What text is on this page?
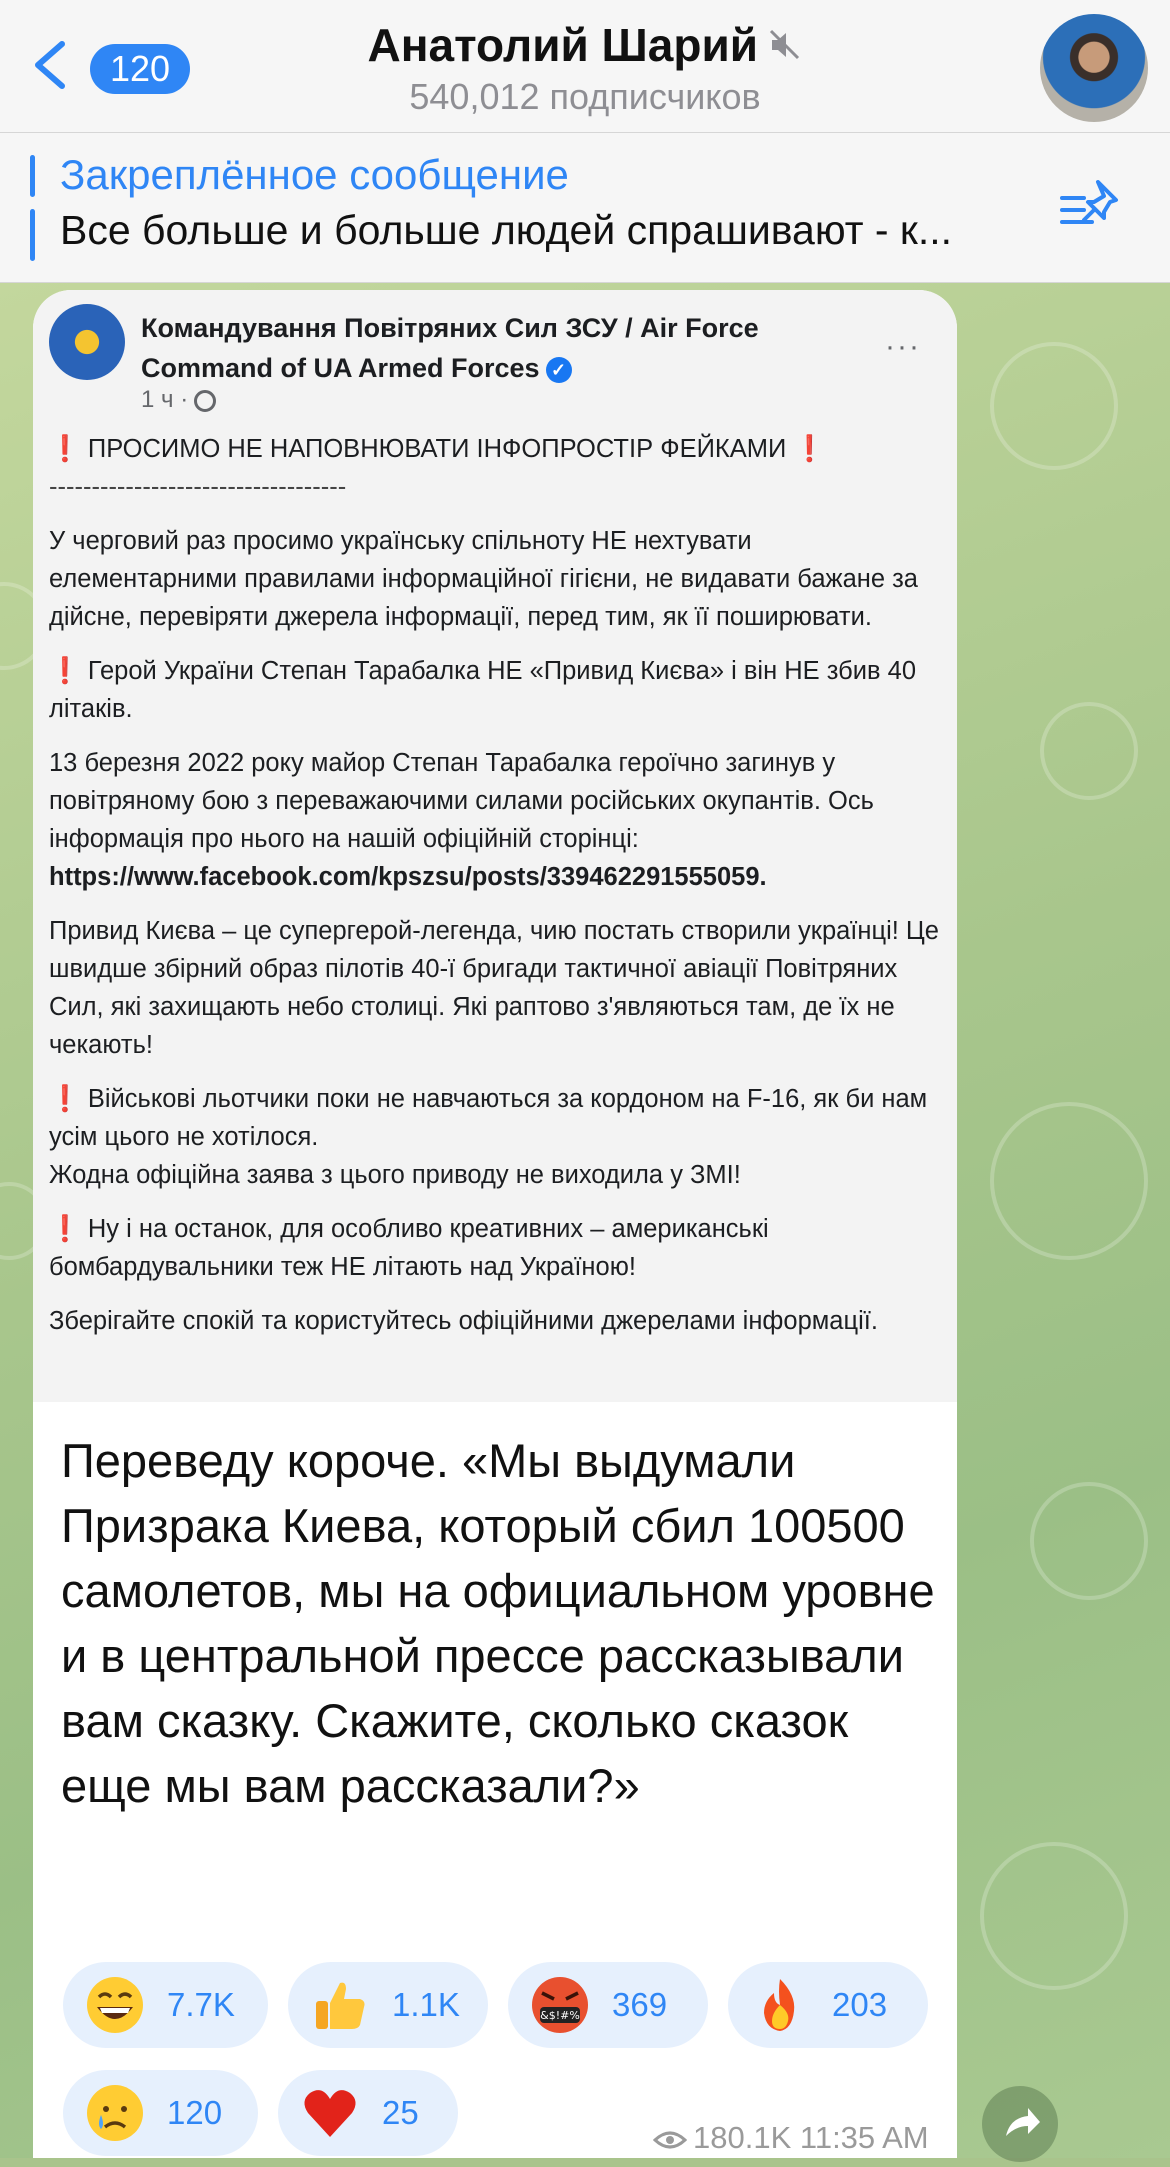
120	Анатолий Шарий
540,012 подписчиков
Закреплённое сообщение
Все больше и больше людей спрашивают - к...
Командування Повітряних Сил ЗСУ / Air Force
Command of UA Armed Forces ✓
1 ч ·
···

❗ ПРОСИМО НЕ НАПОВНЮВАТИ ІНФОПРОСТІР ФЕЙКАМИ ❗
-----------------------------------

У черговий раз просимо українську спільноту НЕ нехтувати елементарними правилами інформаційної гігієни, не видавати бажане за дійсне, перевіряти джерела інформації, перед тим, як її поширювати.

❗ Герой України Степан Тарабалка НЕ «Привид Києва» і він НЕ збив 40 літаків.

13 березня 2022 року майор Степан Тарабалка героїчно загинув у повітряному бою з переважаючими силами російських окупантів. Ось інформація про нього на нашій офіційній сторінці:
https://www.facebook.com/kpszsu/posts/339462291555059.

Привид Києва – це супергерой-легенда, чию постать створили українці! Це швидше збірний образ пілотів 40-ї бригади тактичної авіації Повітряних Сил, які захищають небо столиці. Які раптово з'являються там, де їх не чекають!

❗ Військові льотчики поки не навчаються за кордоном на F-16, як би нам усім цього не хотілося.
Жодна офіційна заява з цього приводу не виходила у ЗМІ!

❗ Ну і на останок, для особливо креативних – американські бомбардувальники теж НЕ літають над Україною!

Зберігайте спокій та користуйтесь офіційними джерелами інформації.

Переведу короче. «Мы выдумали Призрака Киева, который сбил 100500 самолетов, мы на официальном уровне и в центральной прессе рассказывали вам сказку. Скажите, сколько сказок еще мы вам рассказали?»
7.7K	1.1K	&$!#% 369	203
120	25
180.1K 11:35 AM
